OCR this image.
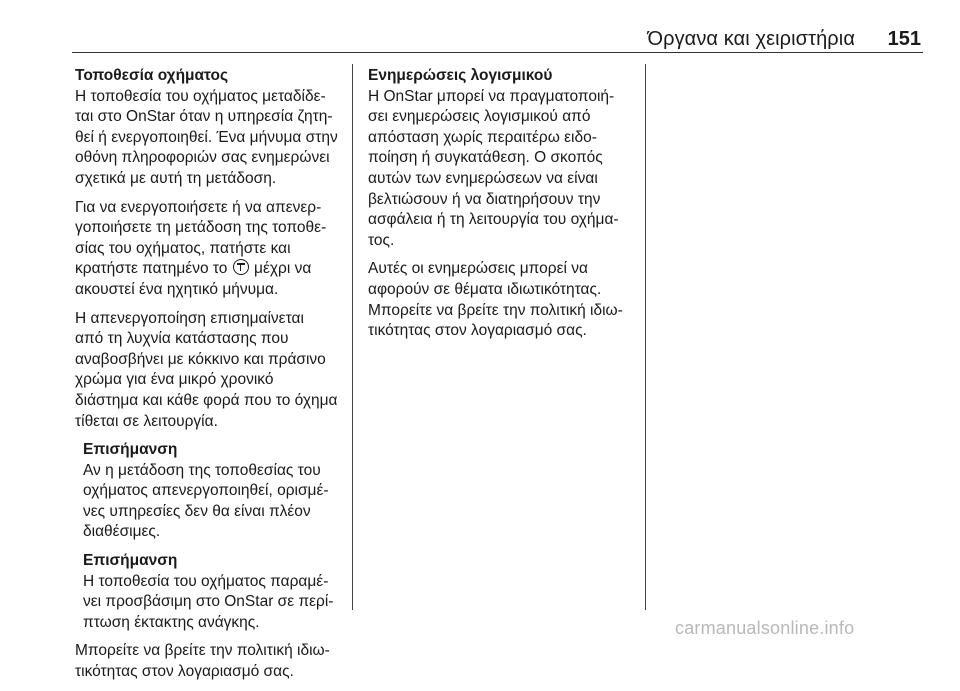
Όργανα και χειριστήρια 151
Τοποθεσία οχήματος
Η τοποθεσία του οχήματος μεταδίδε‐
ται στο OnStar όταν η υπηρεσία ζητη‐
θεί ή ενεργοποιηθεί. Ένα μήνυμα στην
οθόνη πληροφοριών σας ενημερώνει
σχετικά με αυτή τη μετάδοση.
Για να ενεργοποιήσετε ή να απενερ‐
γοποιήσετε τη μετάδοση της τοποθε‐
σίας του οχήματος, πατήστε και
κρατήστε πατημένο το μέχρι να
ακουστεί ένα ηχητικό μήνυμα.
Η απενεργοποίηση επισημαίνεται
από τη λυχνία κατάστασης που
αναβοσβήνει με κόκκινο και πράσινο
χρώμα για ένα μικρό χρονικό
διάστημα και κάθε φορά που το όχημα
τίθεται σε λειτουργία.
Επισήμανση
Αν η μετάδοση της τοποθεσίας του
οχήματος απενεργοποιηθεί, ορισμέ‐
νες υπηρεσίες δεν θα είναι πλέον
διαθέσιμες.
Επισήμανση
Η τοποθεσία του οχήματος παραμέ‐
νει προσβάσιμη στο OnStar σε περί‐
πτωση έκτακτης ανάγκης.
Μπορείτε να βρείτε την πολιτική ιδιω‐
τικότητας στον λογαριασμό σας.
Ενημερώσεις λογισμικού
Η OnStar μπορεί να πραγματοποιή‐
σει ενημερώσεις λογισμικού από
απόσταση χωρίς περαιτέρω ειδο‐
ποίηση ή συγκατάθεση. Ο σκοπός
αυτών των ενημερώσεων να είναι
βελτιώσουν ή να διατηρήσουν την
ασφάλεια ή τη λειτουργία του οχήμα‐
τος.
Αυτές οι ενημερώσεις μπορεί να
αφορούν σε θέματα ιδιωτικότητας.
Μπορείτε να βρείτε την πολιτική ιδιω‐
τικότητας στον λογαριασμό σας.
carmanualsonline.info
